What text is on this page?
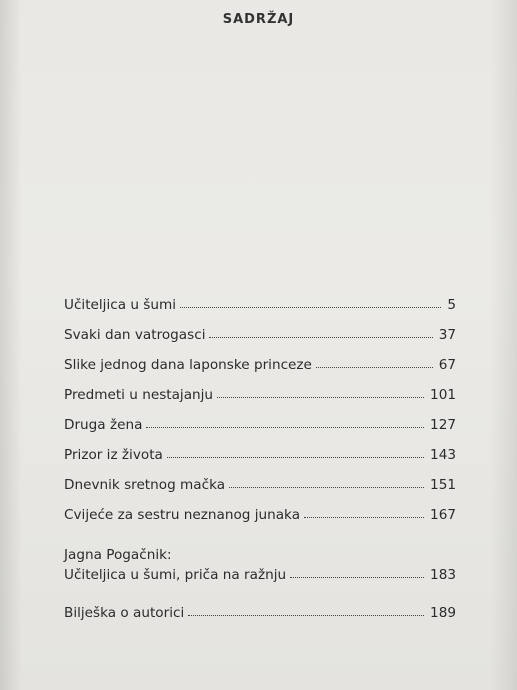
SADRŽAJ
Učiteljica u šumi	5
Svaki dan vatrogasci	37
Slike jednog dana laponske princeze	67
Predmeti u nestajanju	101
Druga žena	127
Prizor iz života	143
Dnevnik sretnog mačka	151
Cvijeće za sestru neznanog junaka	167
Jagna Pogačnik:
Učiteljica u šumi, priča na ražnju	183
Bilješka o autorici	189
